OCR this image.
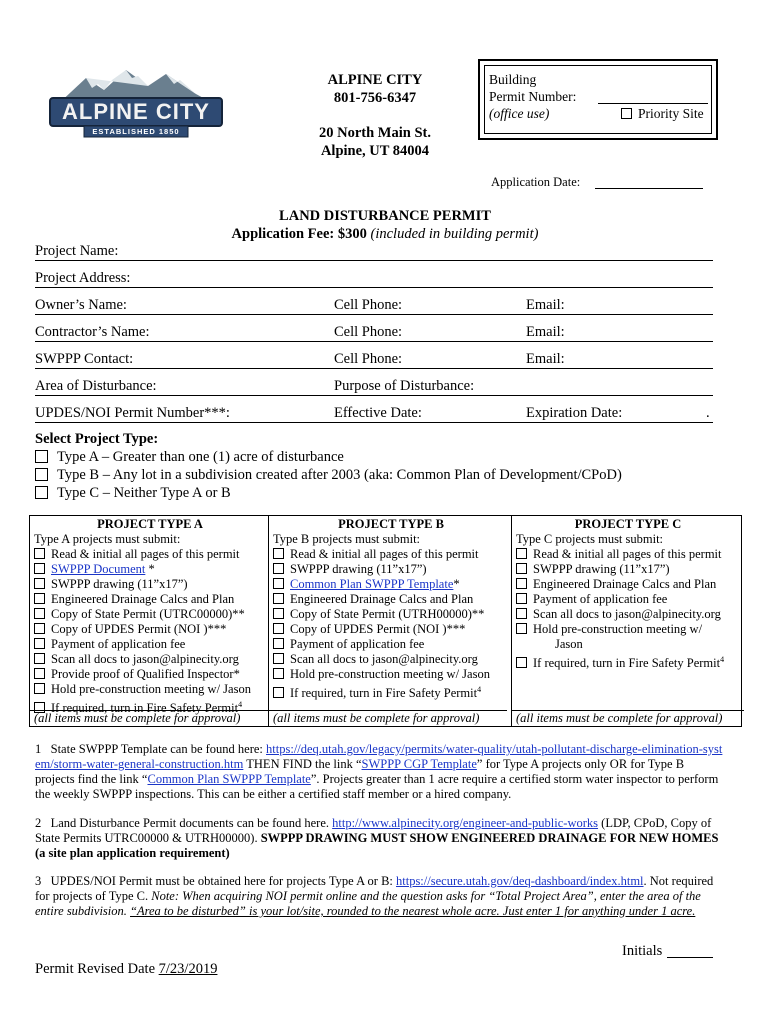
ALPINE CITY
ESTABLISHED 1850
ALPINE CITY
801-756-6347
20 North Main St.
Alpine, UT 84004
Building
Permit Number:
(office use)	Priority Site
Application Date:
LAND DISTURBANCE PERMIT
Application Fee: $300 (included in building permit)
Project Name:
Project Address:
Owner’s Name:	Cell Phone:	Email:
Contractor’s Name:	Cell Phone:	Email:
SWPPP Contact:	Cell Phone:	Email:
Area of Disturbance:	Purpose of Disturbance:
UPDES/NOI Permit Number***:	Effective Date:	Expiration Date:	.
Select Project Type:
Type A – Greater than one (1) acre of disturbance
Type B – Any lot in a subdivision created after 2003 (aka: Common Plan of Development/CPoD)
Type C – Neither Type A or B
PROJECT TYPE A
Type A projects must submit:
Read & initial all pages of this permit
SWPPP Document *
SWPPP drawing (11”x17”)
Engineered Drainage Calcs and Plan
Copy of State Permit (UTRC00000)**
Copy of UPDES Permit (NOI )***
Payment of application fee
Scan all docs to jason@alpinecity.org
Provide proof of Qualified Inspector*
Hold pre-construction meeting w/ Jason
If required, turn in Fire Safety Permit$^4$
(all items must be complete for approval)
PROJECT TYPE B
Type B projects must submit:
Read & initial all pages of this permit
SWPPP drawing (11”x17”)
Common Plan SWPPP Template*
Engineered Drainage Calcs and Plan
Copy of State Permit (UTRH00000)**
Copy of UPDES Permit (NOI )***
Payment of application fee
Scan all docs to jason@alpinecity.org
Hold pre-construction meeting w/ Jason
If required, turn in Fire Safety Permit$^4$
(all items must be complete for approval)
PROJECT TYPE C
Type C projects must submit:
Read & initial all pages of this permit
SWPPP drawing (11”x17”)
Engineered Drainage Calcs and Plan
Payment of application fee
Scan all docs to jason@alpinecity.org
Hold pre-construction meeting w/
Jason
If required, turn in Fire Safety Permit$^4$
(all items must be complete for approval)
1 State SWPPP Template can be found here: https://deq.utah.gov/legacy/permits/water-quality/utah-pollutant-discharge-elimination-system/storm-water-general-construction.htm THEN FIND the link “SWPPP CGP Template” for Type A projects only OR for Type B projects find the link “Common Plan SWPPP Template”. Projects greater than 1 acre require a certified storm water inspector to perform the weekly SWPPP inspections. This can be either a certified staff member or a hired company.
2 Land Disturbance Permit documents can be found here. http://www.alpinecity.org/engineer-and-public-works (LDP, CPoD, Copy of State Permits UTRC00000 & UTRH00000). SWPPP DRAWING MUST SHOW ENGINEERED DRAINAGE FOR NEW HOMES (a site plan application requirement)
3 UPDES/NOI Permit must be obtained here for projects Type A or B: https://secure.utah.gov/deq-dashboard/index.html. Not required for projects of Type C. Note: When acquiring NOI permit online and the question asks for “Total Project Area”, enter the area of the entire subdivision. “Area to be disturbed” is your lot/site, rounded to the nearest whole acre. Just enter 1 for anything under 1 acre.
Initials
Permit Revised Date 7/23/2019
